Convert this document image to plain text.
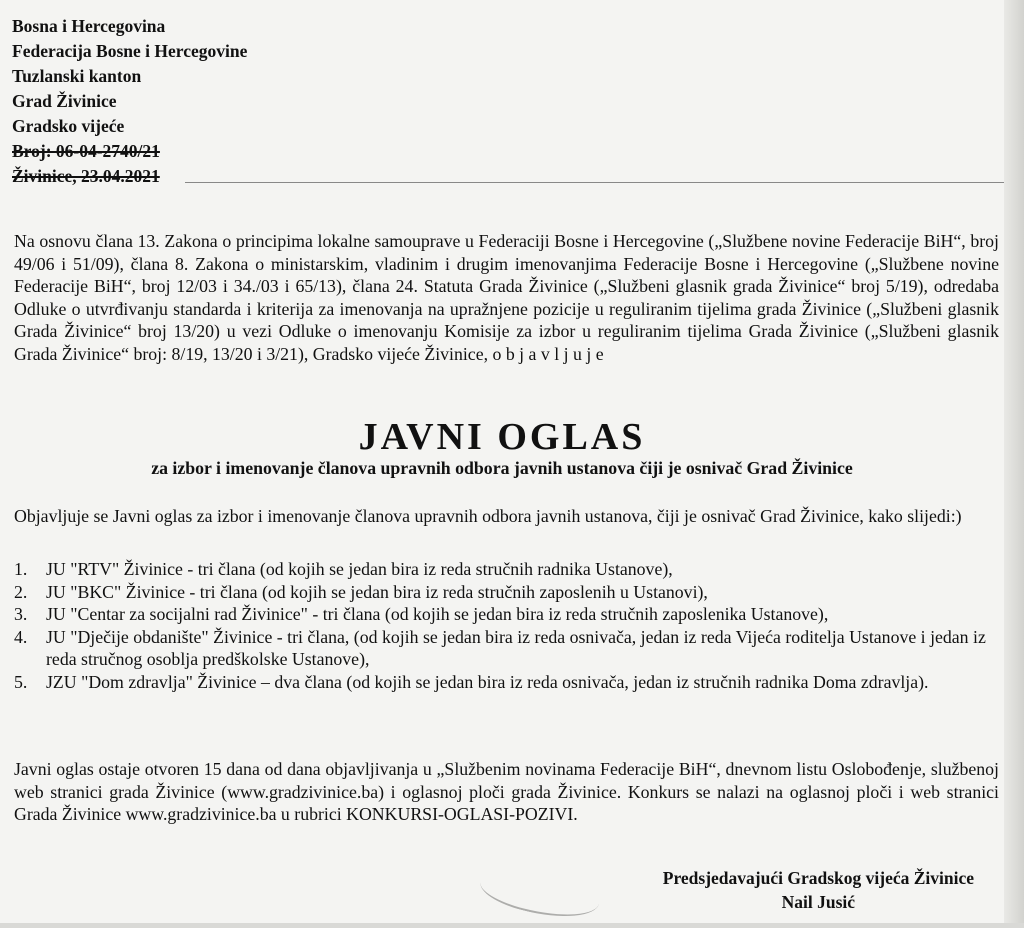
Bosna i Hercegovina
Federacija Bosne i Hercegovine
Tuzlanski kanton
Grad Živinice
Gradsko vijeće
Broj: 06-04-2740/21
Živinice, 23.04.2021

Na osnovu člana 13. Zakona o principima lokalne samouprave u Federaciji Bosne i Hercegovine („Službene novine Federacije BiH“, broj 49/06 i 51/09), člana 8. Zakona o ministarskim, vladinim i drugim imenovanjima Federacije Bosne i Hercegovine („Službene novine Federacije BiH“, broj 12/03 i 34./03 i 65/13), člana 24. Statuta Grada Živinice („Službeni glasnik grada Živinice“ broj 5/19), odredaba Odluke o utvrđivanju standarda i kriterija za imenovanja na upražnjene pozicije u reguliranim tijelima grada Živinice („Službeni glasnik Grada Živinice“ broj 13/20) u vezi Odluke o imenovanju Komisije za izbor u reguliranim tijelima Grada Živinice („Službeni glasnik Grada Živinice“ broj: 8/19, 13/20 i 3/21), Gradsko vijeće Živinice, o b j a v l j u j e

JAVNI OGLAS
za izbor i imenovanje članova upravnih odbora javnih ustanova čiji je osnivač Grad Živinice

Objavljuje se Javni oglas za izbor i imenovanje članova upravnih odbora javnih ustanova, čiji je osnivač Grad Živinice, kako slijedi:)

1. JU "RTV" Živinice - tri člana (od kojih se jedan bira iz reda stručnih radnika Ustanove),
2. JU "BKC" Živinice - tri člana (od kojih se jedan bira iz reda stručnih zaposlenih u Ustanovi),
3. JU "Centar za socijalni rad Živinice" - tri člana (od kojih se jedan bira iz reda stručnih zaposlenika Ustanove),
4. JU "Dječije obdanište" Živinice - tri člana, (od kojih se jedan bira iz reda osnivača, jedan iz reda Vijeća roditelja Ustanove i jedan iz reda stručnog osoblja predškolske Ustanove),
5. JZU "Dom zdravlja" Živinice – dva člana (od kojih se jedan bira iz reda osnivača, jedan iz stručnih radnika Doma zdravlja).

Javni oglas ostaje otvoren 15 dana od dana objavljivanja u „Službenim novinama Federacije BiH“, dnevnom listu Oslobođenje, službenoj web stranici grada Živinice (www.gradzivinice.ba) i oglasnoj ploči grada Živinice. Konkurs se nalazi na oglasnoj ploči i web stranici Grada Živinice www.gradzivinice.ba u rubrici KONKURSI-OGLASI-POZIVI.

Predsjedavajući Gradskog vijeća Živinice
Nail Jusić
